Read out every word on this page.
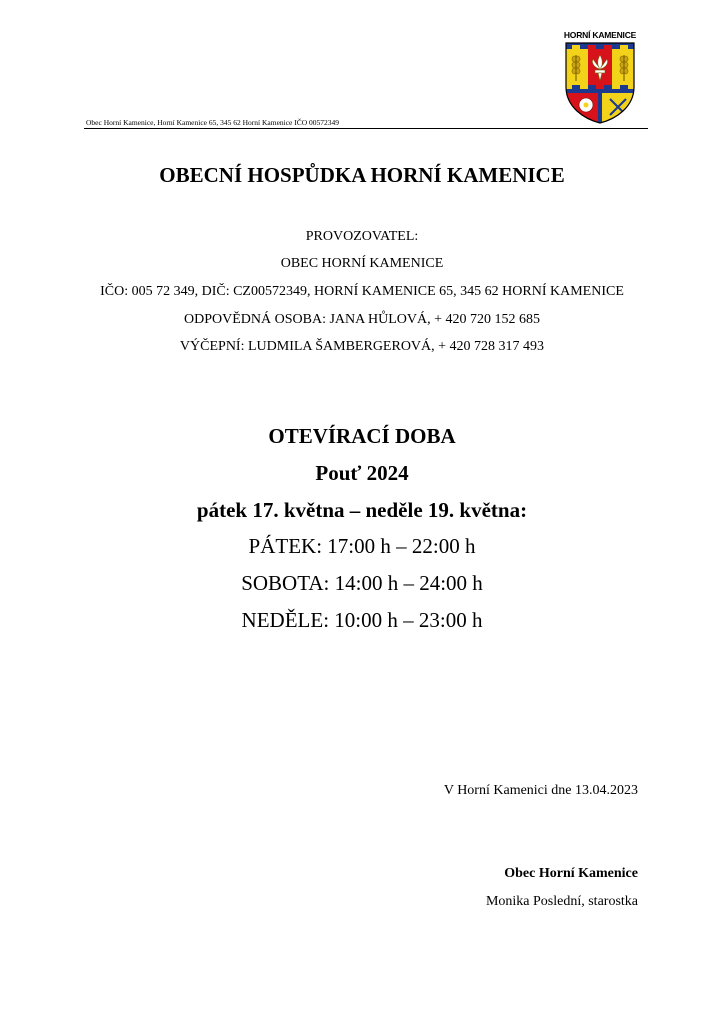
HORNÍ KAMENICE
Obec Horní Kamenice, Horní Kamenice 65, 345 62 Horní Kamenice IČO 00572349
OBECNÍ HOSPŮDKA HORNÍ KAMENICE
PROVOZOVATEL:
OBEC HORNÍ KAMENICE
IČO: 005 72 349, DIČ: CZ00572349, HORNÍ KAMENICE 65, 345 62 HORNÍ KAMENICE
ODPOVĚDNÁ OSOBA: JANA HŮLOVÁ, + 420 720 152 685
VÝČEPNÍ: LUDMILA ŠAMBERGEROVÁ, + 420 728 317 493
OTEVÍRACÍ DOBA
Pouť 2024
pátek 17. května – neděle 19. května:
PÁTEK: 17:00 h – 22:00 h
SOBOTA: 14:00 h – 24:00 h
NEDĚLE: 10:00 h – 23:00 h
V Horní Kamenici dne 13.04.2023
Obec Horní Kamenice
Monika Poslední, starostka
